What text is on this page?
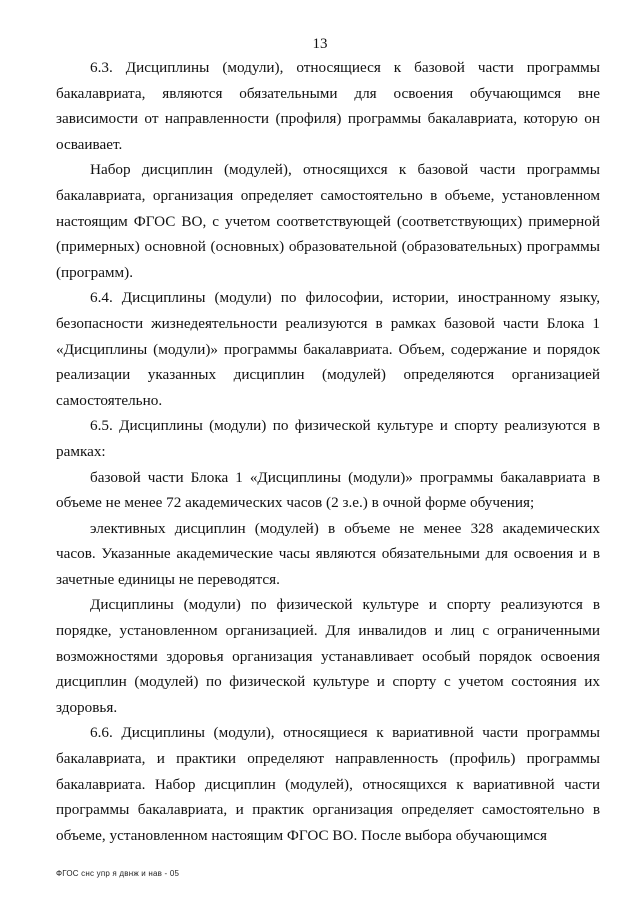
13

6.3. Дисциплины (модули), относящиеся к базовой части программы бакалавриата, являются обязательными для освоения обучающимся вне зависимости от направленности (профиля) программы бакалавриата, которую он осваивает.

Набор дисциплин (модулей), относящихся к базовой части программы бакалавриата, организация определяет самостоятельно в объеме, установленном настоящим ФГОС ВО, с учетом соответствующей (соответствующих) примерной (примерных) основной (основных) образовательной (образовательных) программы (программ).

6.4. Дисциплины (модули) по философии, истории, иностранному языку, безопасности жизнедеятельности реализуются в рамках базовой части Блока 1 «Дисциплины (модули)» программы бакалавриата. Объем, содержание и порядок реализации указанных дисциплин (модулей) определяются организацией самостоятельно.

6.5. Дисциплины (модули) по физической культуре и спорту реализуются в рамках:

базовой части Блока 1 «Дисциплины (модули)» программы бакалавриата в объеме не менее 72 академических часов (2 з.е.) в очной форме обучения;

элективных дисциплин (модулей) в объеме не менее 328 академических часов. Указанные академические часы являются обязательными для освоения и в зачетные единицы не переводятся.

Дисциплины (модули) по физической культуре и спорту реализуются в порядке, установленном организацией. Для инвалидов и лиц с ограниченными возможностями здоровья организация устанавливает особый порядок освоения дисциплин (модулей) по физической культуре и спорту с учетом состояния их здоровья.

6.6. Дисциплины (модули), относящиеся к вариативной части программы бакалавриата, и практики определяют направленность (профиль) программы бакалавриата. Набор дисциплин (модулей), относящихся к вариативной части программы бакалавриата, и практик организация определяет самостоятельно в объеме, установленном настоящим ФГОС ВО. После выбора обучающимся

ФГОС снс упр я двнж и нав - 05
